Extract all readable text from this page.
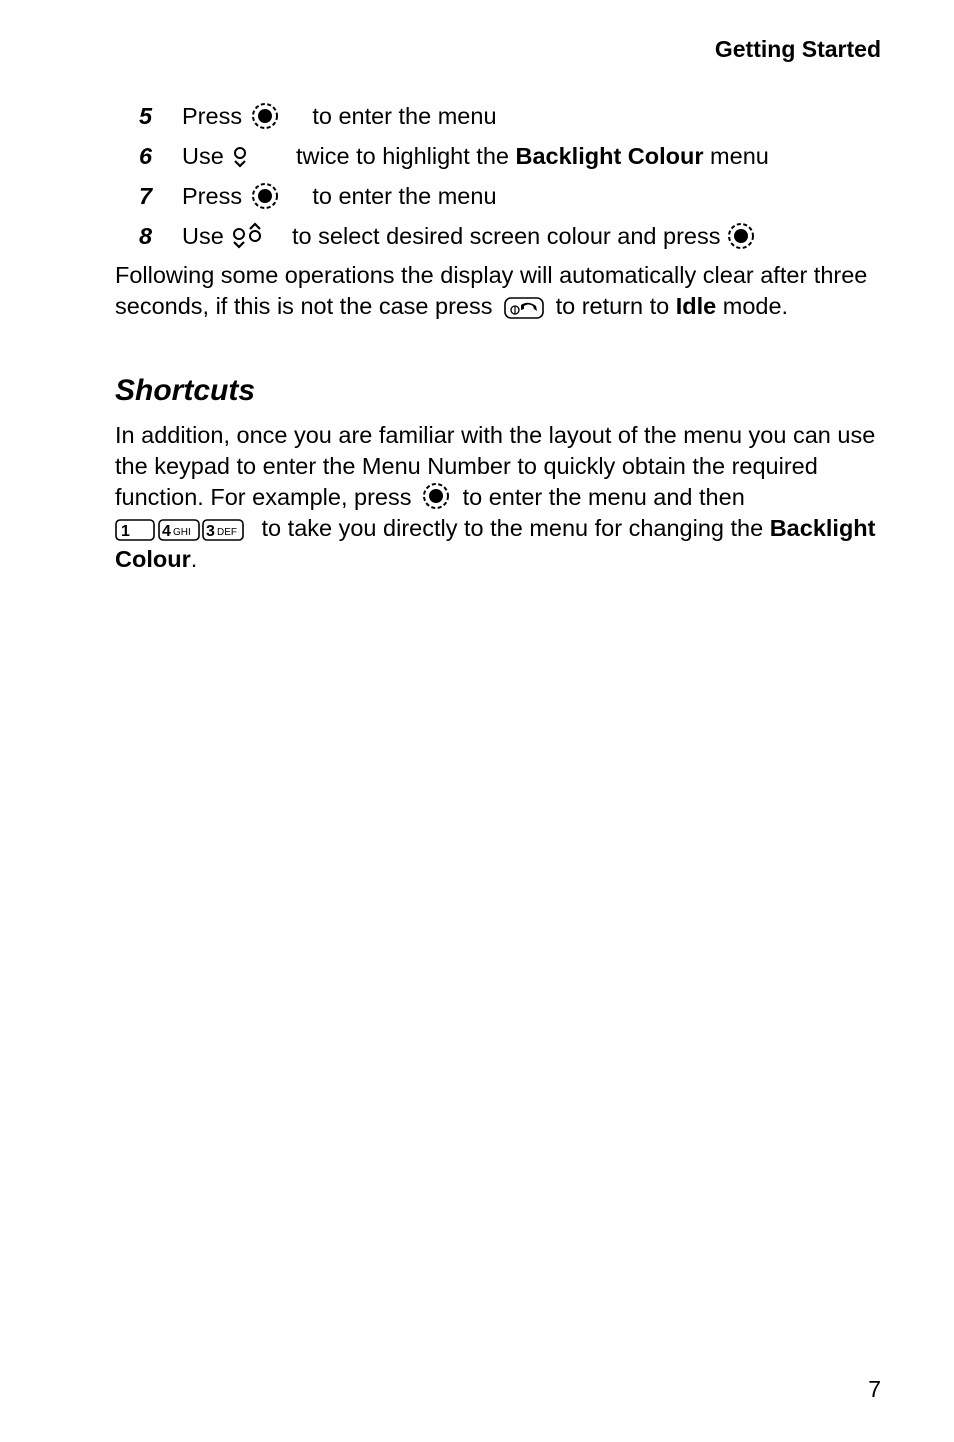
Getting Started
5	Press

	to enter the menu
6	Use

	twice to highlight the
Backlight Colour
menu
7	Press

	to enter the menu
8	Use

	to select desired screen colour and press

Following some operations the display will automatically clear after three seconds, if this is not the case press	to return to Idle mode.
Shortcuts
In addition, once you are familiar with the layout of the menu you can use the keypad to enter the Menu Number to quickly obtain the required function. For example, press to enter the menu and then
1 4 GHI 3 DEF to take you directly to the menu for changing the Backlight Colour.
7
